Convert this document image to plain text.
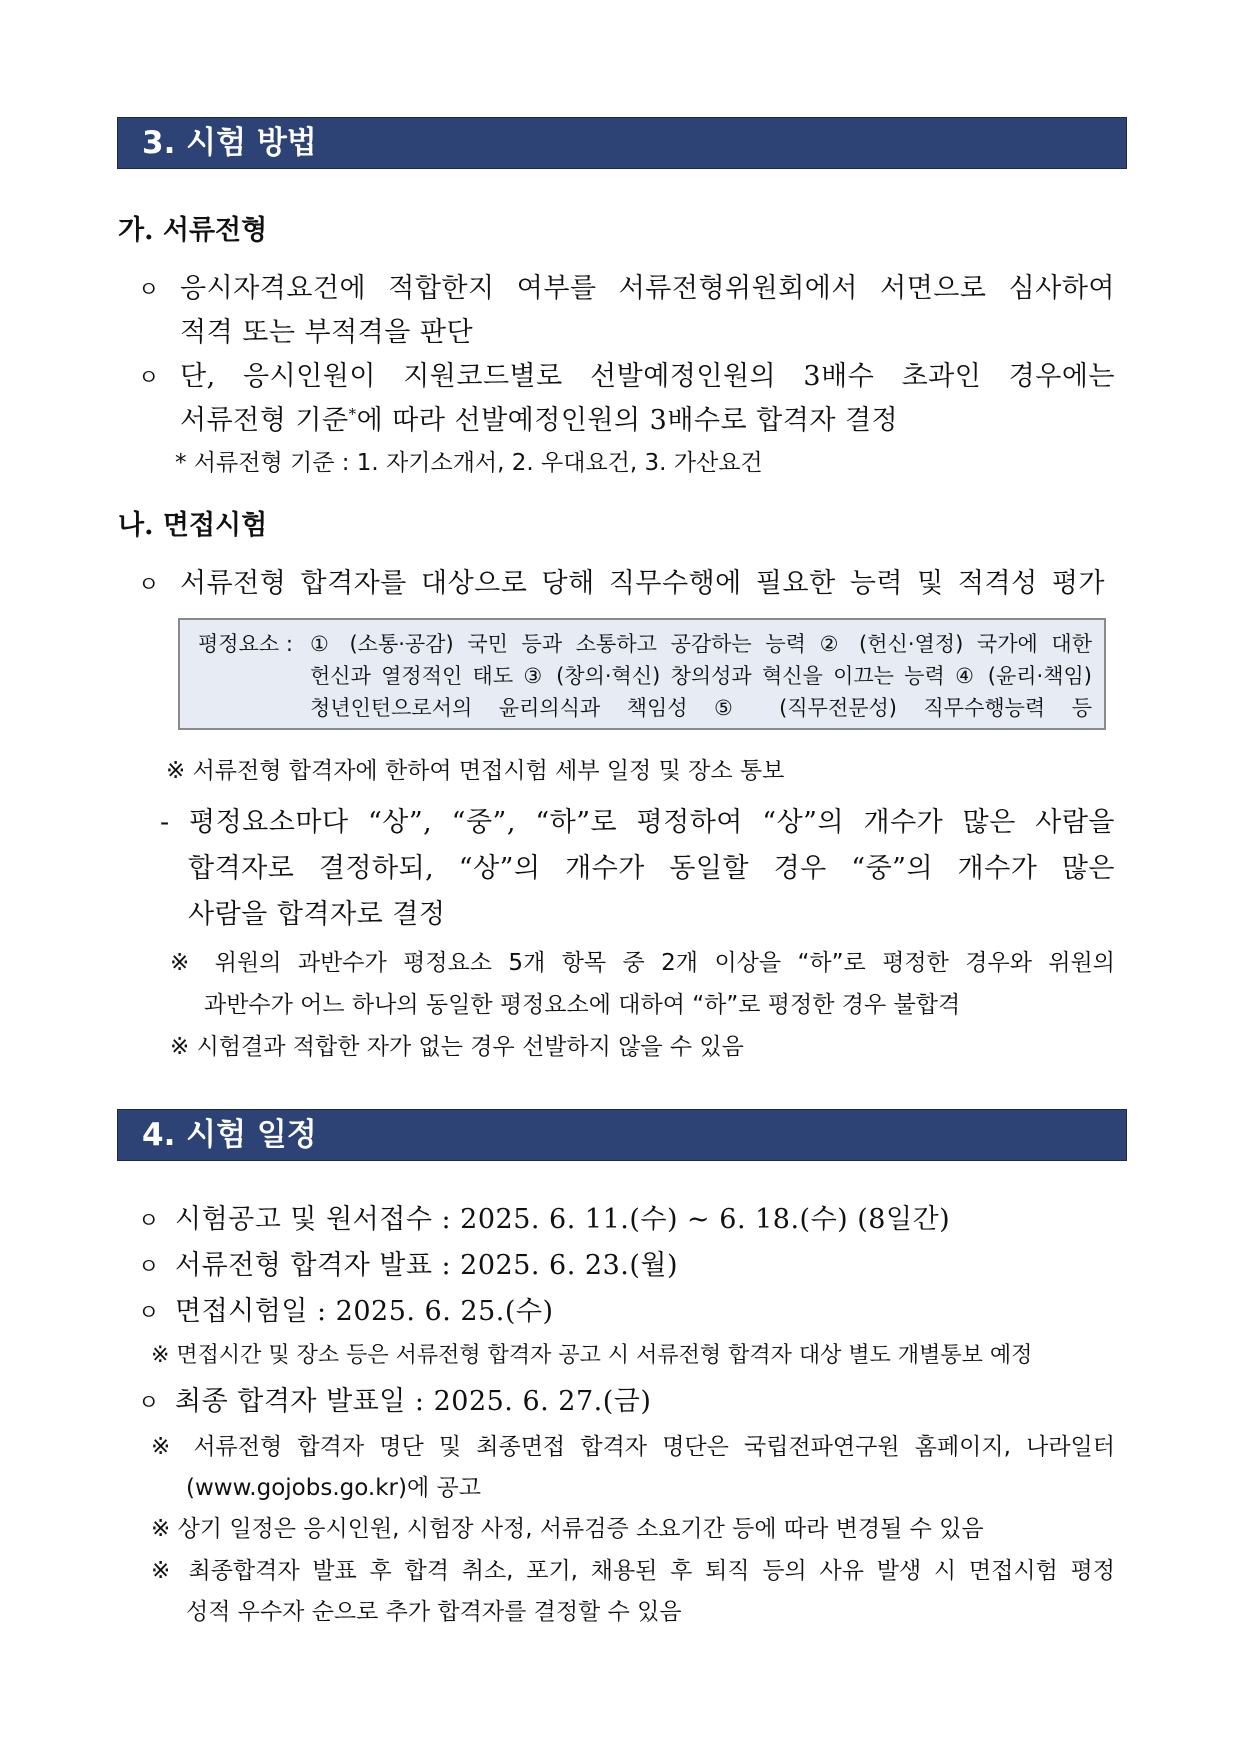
3. 시험 방법
가. 서류전형
ㅇ 응시자격요건에 적합한지 여부를 서류전형위원회에서 서면으로 심사하여
적격 또는 부적격을 판단
ㅇ 단, 응시인원이 지원코드별로 선발예정인원의 3배수 초과인 경우에는
서류전형 기준*에 따라 선발예정인원의 3배수로 합격자 결정
* 서류전형 기준 : 1. 자기소개서, 2. 우대요건, 3. 가산요건
나. 면접시험
ㅇ 서류전형 합격자를 대상으로 당해 직무수행에 필요한 능력 및 적격성 평가
평정요소 : ① (소통·공감) 국민 등과 소통하고 공감하는 능력 ② (헌신·열정) 국가에 대한
헌신과 열정적인 태도 ③ (창의·혁신) 창의성과 혁신을 이끄는 능력 ④ (윤리·책임)
청년인턴으로서의 윤리의식과 책임성 ⑤ (직무전문성) 직무수행능력 등
※ 서류전형 합격자에 한하여 면접시험 세부 일정 및 장소 통보
- 평정요소마다 “상”, “중”, “하”로 평정하여 “상”의 개수가 많은 사람을
합격자로 결정하되, “상”의 개수가 동일할 경우 “중”의 개수가 많은
사람을 합격자로 결정
※ 위원의 과반수가 평정요소 5개 항목 중 2개 이상을 “하”로 평정한 경우와 위원의
과반수가 어느 하나의 동일한 평정요소에 대하여 “하”로 평정한 경우 불합격
※ 시험결과 적합한 자가 없는 경우 선발하지 않을 수 있음
4. 시험 일정
ㅇ 시험공고 및 원서접수 : 2025. 6. 11.(수) ~ 6. 18.(수) (8일간)
ㅇ 서류전형 합격자 발표 : 2025. 6. 23.(월)
ㅇ 면접시험일 : 2025. 6. 25.(수)
※ 면접시간 및 장소 등은 서류전형 합격자 공고 시 서류전형 합격자 대상 별도 개별통보 예정
ㅇ 최종 합격자 발표일 : 2025. 6. 27.(금)
※ 서류전형 합격자 명단 및 최종면접 합격자 명단은 국립전파연구원 홈페이지, 나라일터
(www.gojobs.go.kr)에 공고
※ 상기 일정은 응시인원, 시험장 사정, 서류검증 소요기간 등에 따라 변경될 수 있음
※ 최종합격자 발표 후 합격 취소, 포기, 채용된 후 퇴직 등의 사유 발생 시 면접시험 평정
성적 우수자 순으로 추가 합격자를 결정할 수 있음
